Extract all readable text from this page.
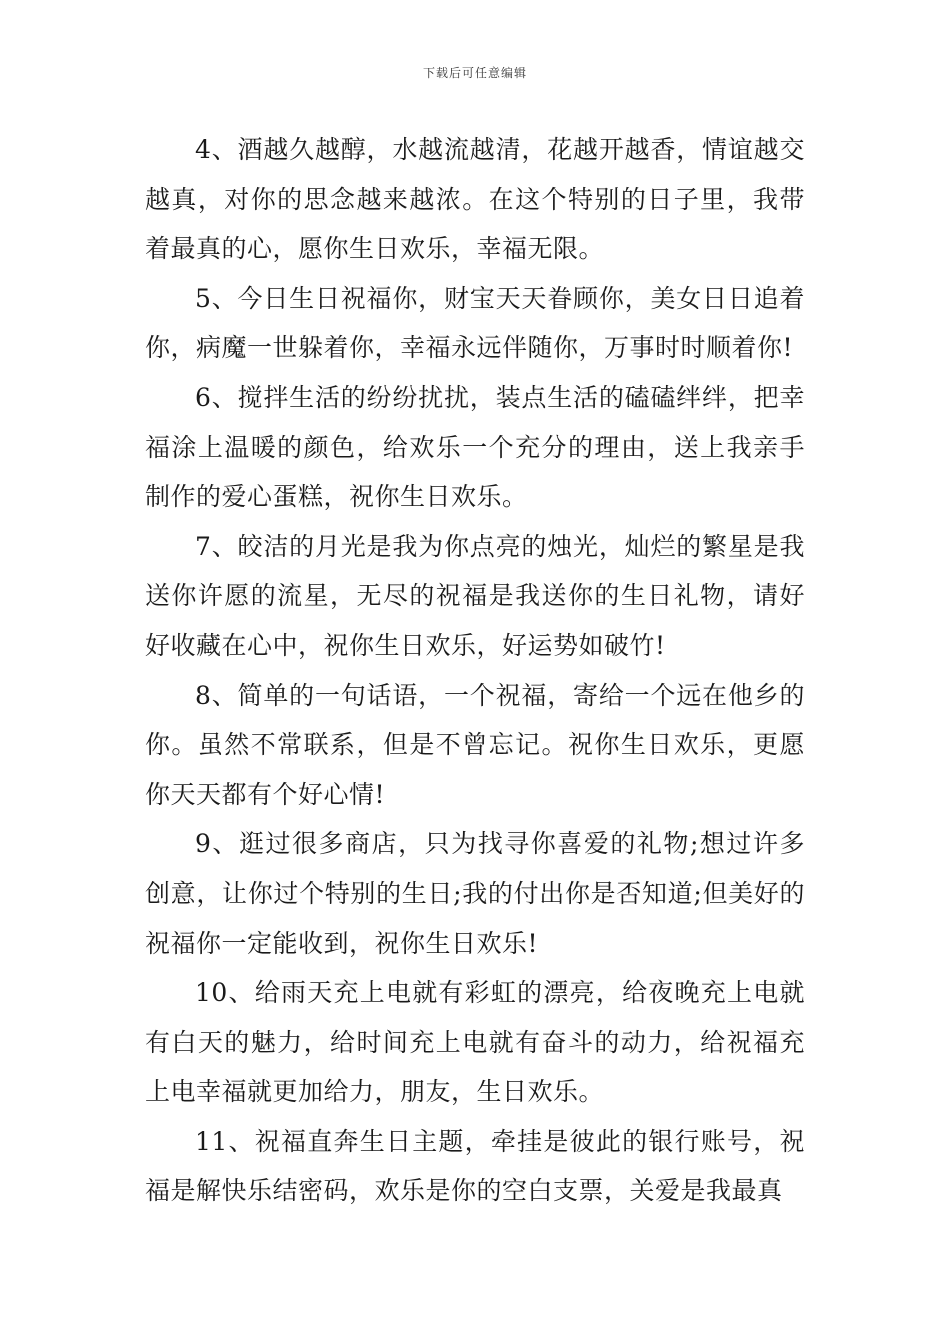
下载后可任意编辑

4、酒越久越醇，水越流越清，花越开越香，情谊越交越真，对你的思念越来越浓。在这个特别的日子里，我带着最真的心，愿你生日欢乐，幸福无限。

5、今日生日祝福你，财宝天天眷顾你，美女日日追着你，病魔一世躲着你，幸福永远伴随你，万事时时顺着你!

6、搅拌生活的纷纷扰扰，装点生活的磕磕绊绊，把幸福涂上温暖的颜色，给欢乐一个充分的理由，送上我亲手制作的爱心蛋糕，祝你生日欢乐。

7、皎洁的月光是我为你点亮的烛光，灿烂的繁星是我送你许愿的流星，无尽的祝福是我送你的生日礼物，请好好收藏在心中，祝你生日欢乐，好运势如破竹!

8、简单的一句话语，一个祝福，寄给一个远在他乡的你。虽然不常联系，但是不曾忘记。祝你生日欢乐，更愿你天天都有个好心情!

9、逛过很多商店，只为找寻你喜爱的礼物;想过许多创意，让你过个特别的生日;我的付出你是否知道;但美好的祝福你一定能收到，祝你生日欢乐!

10、给雨天充上电就有彩虹的漂亮，给夜晚充上电就有白天的魅力，给时间充上电就有奋斗的动力，给祝福充上电幸福就更加给力，朋友，生日欢乐。

11、祝福直奔生日主题，牵挂是彼此的银行账号，祝福是解快乐结密码，欢乐是你的空白支票，关爱是我最真
